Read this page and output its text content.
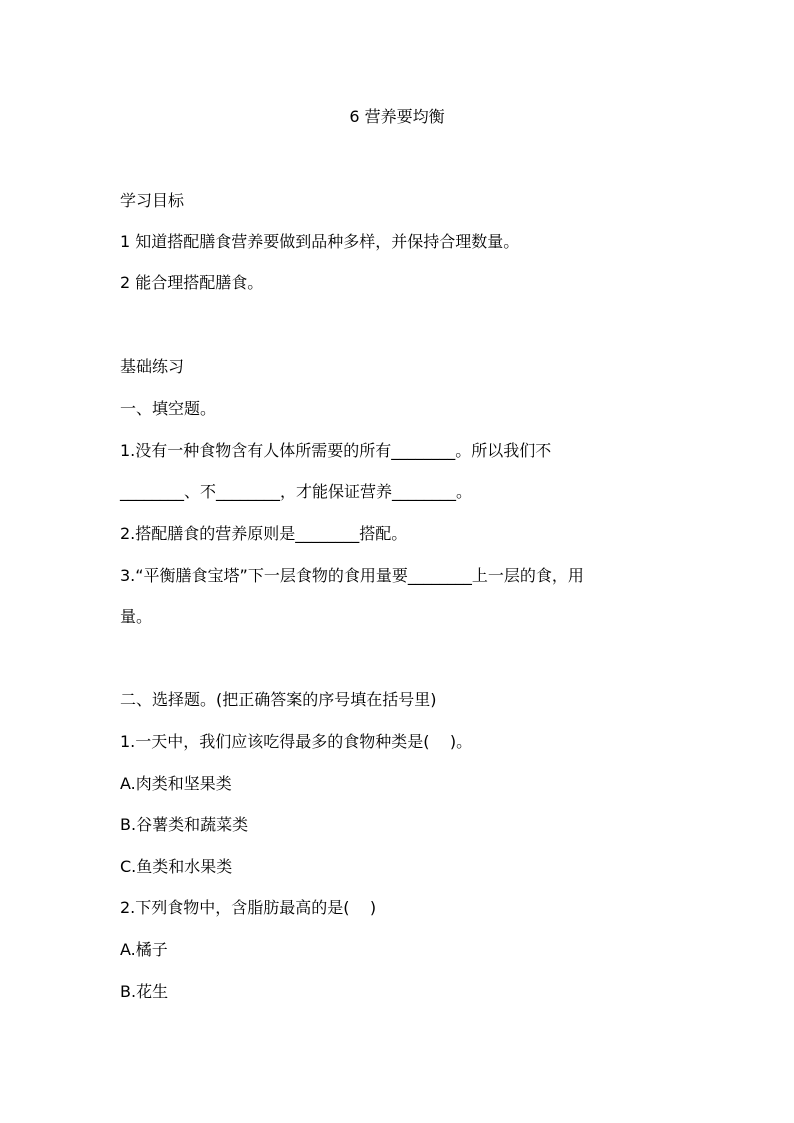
6 营养要均衡
学习目标
1 知道搭配膳食营养要做到品种多样，并保持合理数量。
2 能合理搭配膳食。
基础练习
一、填空题。
1.没有一种食物含有人体所需要的所有________。所以我们不
________、不________，才能保证营养________。
2.搭配膳食的营养原则是________搭配。
3.“平衡膳食宝塔”下一层食物的食用量要________上一层的食，用
量。
二、选择题。(把正确答案的序号填在括号里)
1.一天中，我们应该吃得最多的食物种类是(    )。
A.肉类和坚果类
B.谷薯类和蔬菜类
C.鱼类和水果类
2.下列食物中，含脂肪最高的是(    )
A.橘子
B.花生
